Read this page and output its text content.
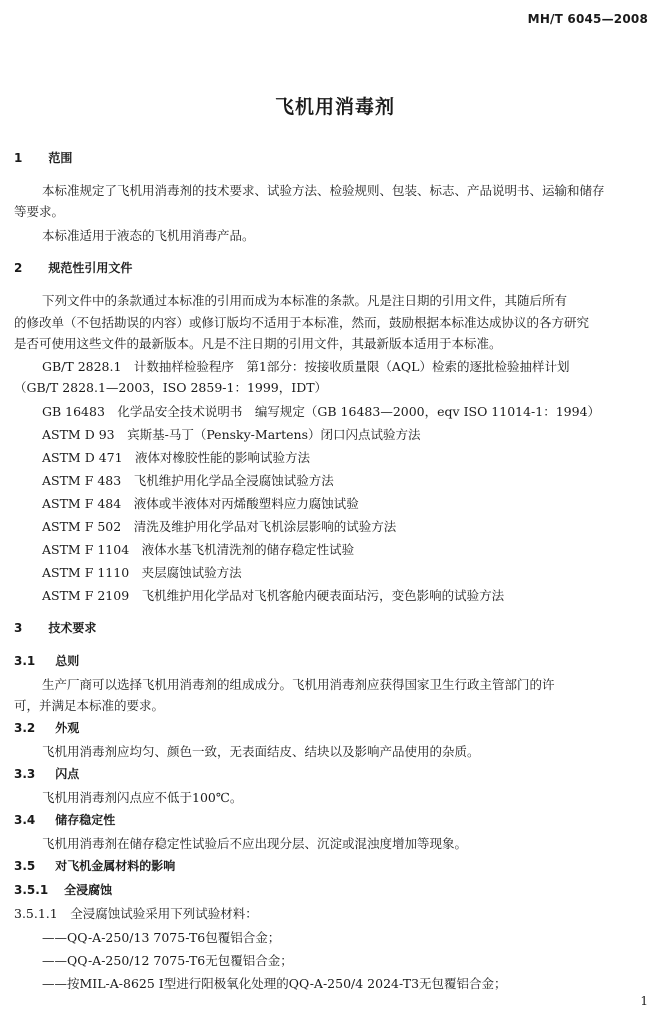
MH/T 6045—2008
飞机用消毒剂
1 范围
本标准规定了飞机用消毒剂的技术要求、试验方法、检验规则、包装、标志、产品说明书、运输和储存
等要求。
本标准适用于液态的飞机用消毒产品。
2 规范性引用文件
下列文件中的条款通过本标准的引用而成为本标准的条款。凡是注日期的引用文件，其随后所有
的修改单（不包括勘误的内容）或修订版均不适用于本标准，然而，鼓励根据本标准达成协议的各方研究
是否可使用这些文件的最新版本。凡是不注日期的引用文件，其最新版本适用于本标准。
GB/T 2828.1　计数抽样检验程序　第1部分：按接收质量限（AQL）检索的逐批检验抽样计划
（GB/T 2828.1—2003，ISO 2859-1：1999，IDT）
GB 16483　化学品安全技术说明书　编写规定（GB 16483—2000，eqv ISO 11014-1：1994）
ASTM D 93　宾斯基-马丁（Pensky-Martens）闭口闪点试验方法
ASTM D 471　液体对橡胶性能的影响试验方法
ASTM F 483　飞机维护用化学品全浸腐蚀试验方法
ASTM F 484　液体或半液体对丙烯酸塑料应力腐蚀试验
ASTM F 502　清洗及维护用化学品对飞机涂层影响的试验方法
ASTM F 1104　液体水基飞机清洗剂的储存稳定性试验
ASTM F 1110　夹层腐蚀试验方法
ASTM F 2109　飞机维护用化学品对飞机客舱内硬表面玷污，变色影响的试验方法
3 技术要求
3.1 总则
生产厂商可以选择飞机用消毒剂的组成成分。飞机用消毒剂应获得国家卫生行政主管部门的许
可，并满足本标准的要求。
3.2 外观
飞机用消毒剂应均匀、颜色一致，无表面结皮、结块以及影响产品使用的杂质。
3.3 闪点
飞机用消毒剂闪点应不低于100℃。
3.4 储存稳定性
飞机用消毒剂在储存稳定性试验后不应出现分层、沉淀或混浊度增加等现象。
3.5 对飞机金属材料的影响
3.5.1 全浸腐蚀
3.5.1.1　全浸腐蚀试验采用下列试验材料：
——QQ-A-250/13 7075-T6包覆铝合金；
——QQ-A-250/12 7075-T6无包覆铝合金；
——按MIL-A-8625 Ⅰ型进行阳极氧化处理的QQ-A-250/4 2024-T3无包覆铝合金；
1
